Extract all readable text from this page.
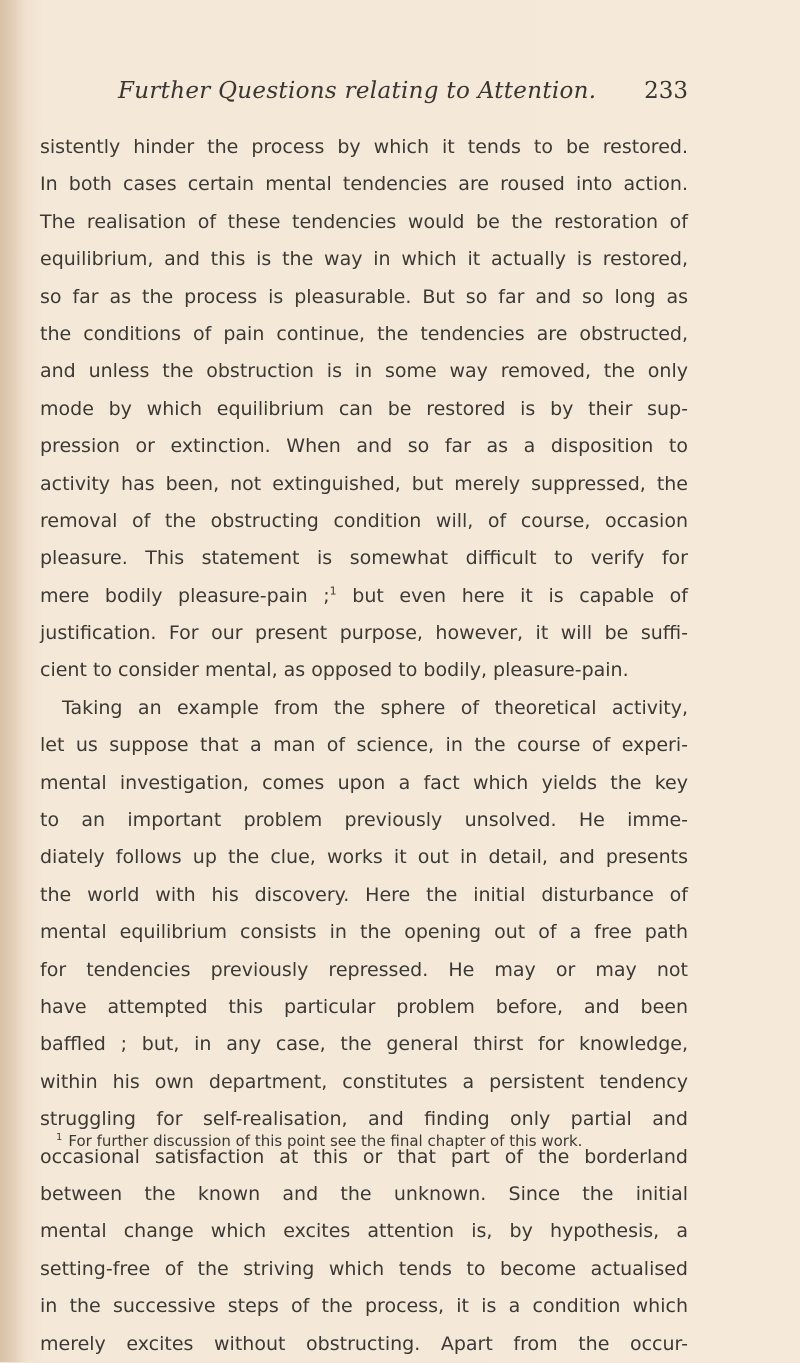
Further Questions relating to Attention. 233
sistently hinder the process by which it tends to be restored.
In both cases certain mental tendencies are roused into action.
The realisation of these tendencies would be the restoration of
equilibrium, and this is the way in which it actually is restored,
so far as the process is pleasurable. But so far and so long as
the conditions of pain continue, the tendencies are obstructed,
and unless the obstruction is in some way removed, the only
mode by which equilibrium can be restored is by their sup-
pression or extinction. When and so far as a disposition to
activity has been, not extinguished, but merely suppressed, the
removal of the obstructing condition will, of course, occasion
pleasure. This statement is somewhat difficult to verify for
mere bodily pleasure-pain ;$^1$ but even here it is capable of
justification. For our present purpose, however, it will be suffi-
cient to consider mental, as opposed to bodily, pleasure-pain.
Taking an example from the sphere of theoretical activity,
let us suppose that a man of science, in the course of experi-
mental investigation, comes upon a fact which yields the key
to an important problem previously unsolved. He imme-
diately follows up the clue, works it out in detail, and presents
the world with his discovery. Here the initial disturbance of
mental equilibrium consists in the opening out of a free path
for tendencies previously repressed. He may or may not
have attempted this particular problem before, and been
baffled ; but, in any case, the general thirst for knowledge,
within his own department, constitutes a persistent tendency
struggling for self-realisation, and finding only partial and
occasional satisfaction at this or that part of the borderland
between the known and the unknown. Since the initial
mental change which excites attention is, by hypothesis, a
setting-free of the striving which tends to become actualised
in the successive steps of the process, it is a condition which
merely excites without obstructing. Apart from the occur-
$^1$ For further discussion of this point see the final chapter of this work.
